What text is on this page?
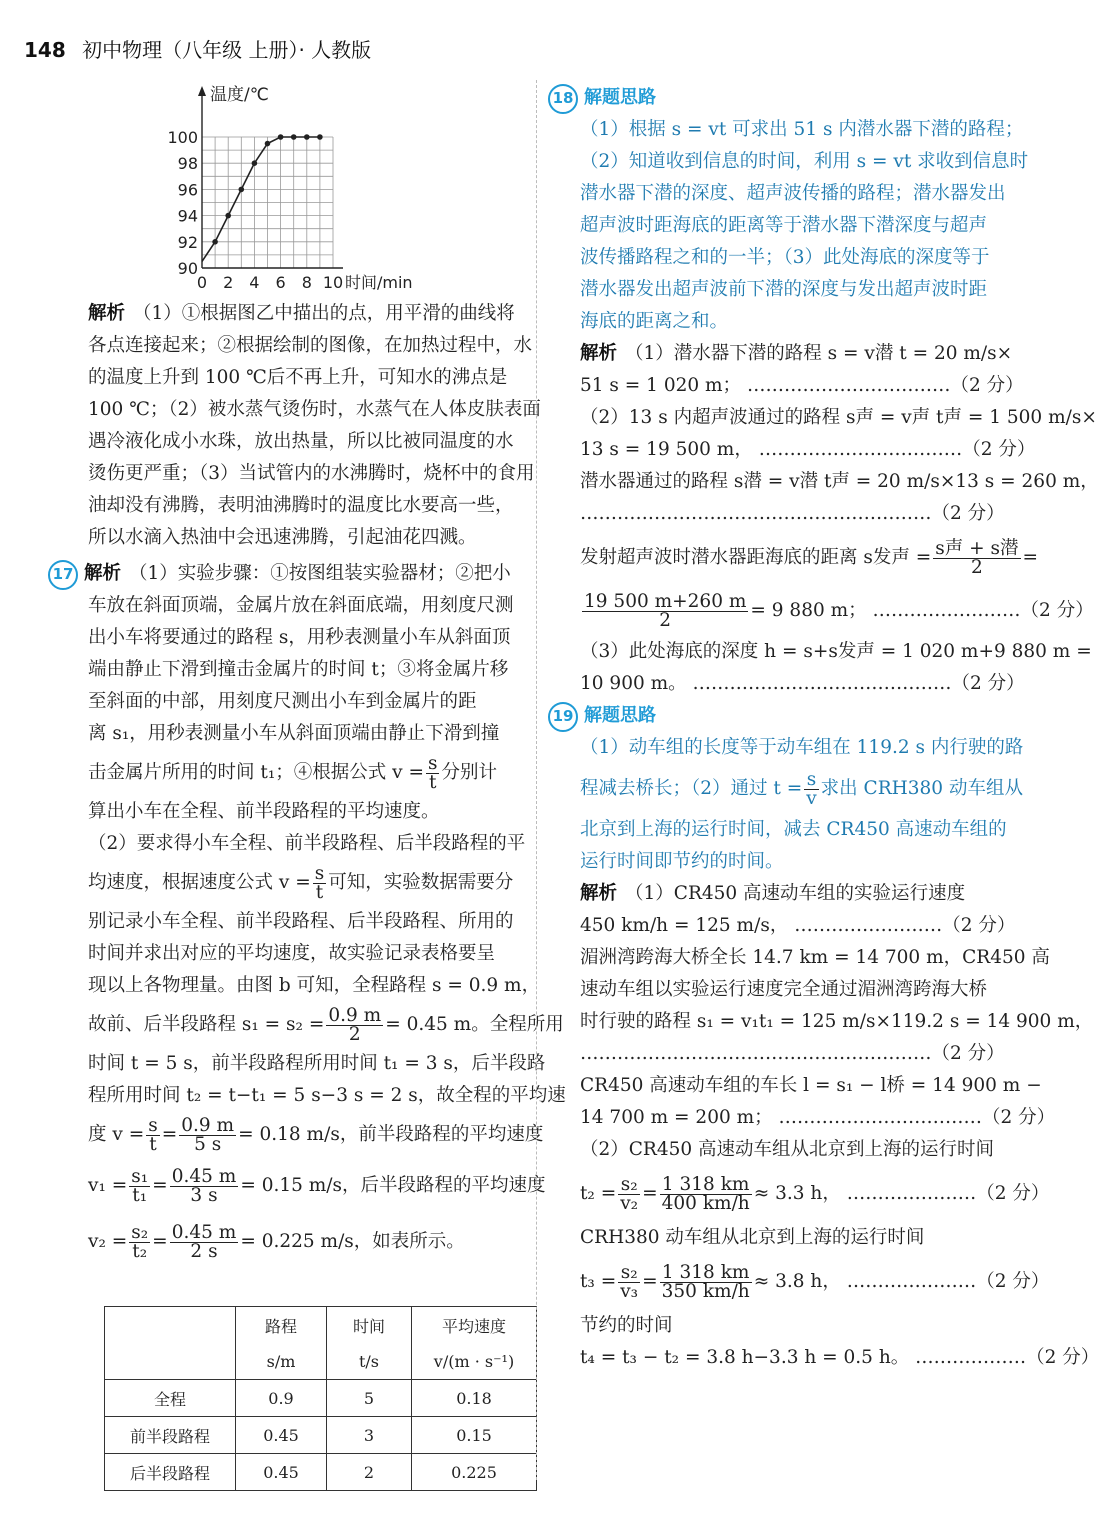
148 初中物理（八年级 上册）· 人教版
温度/℃
90
92
94
96
98
100
0 2 4 6 8 10 时间/min

解析 （1）①根据图乙中描出的点，用平滑的曲线将

各点连接起来；②根据绘制的图像，在加热过程中，水

的温度上升到 100 ℃后不再上升，可知水的沸点是

100 ℃；（2）被水蒸气烫伤时，水蒸气在人体皮肤表面

遇冷液化成小水珠，放出热量，所以比被同温度的水

烫伤更严重；（3）当试管内的水沸腾时，烧杯中的食用

油却没有沸腾，表明油沸腾时的温度比水要高一些，

所以水滴入热油中会迅速沸腾，引起油花四溅。

17 解析 （1）实验步骤：①按图组装实验器材；②把小

车放在斜面顶端，金属片放在斜面底端，用刻度尺测

出小车将要通过的路程 s，用秒表测量小车从斜面顶

端由静止下滑到撞击金属片的时间 t；③将金属片移

至斜面的中部，用刻度尺测出小车到金属片的距

离 s₁，用秒表测量小车从斜面顶端由静止下滑到撞

击金属片所用的时间 t₁；④根据公式 $v = \frac{s}{t}$ 分别计

算出小车在全程、前半段路程的平均速度。

（2）要求得小车全程、前半段路程、后半段路程的平

均速度，根据速度公式 $v = \frac{s}{t}$ 可知，实验数据需要分

别记录小车全程、前半段路程、后半段路程、所用的

时间并求出对应的平均速度，故实验记录表格要呈

现以上各物理量。由图 b 可知，全程路程 s = 0.9 m，

故前、后半段路程 $s_1 = s_2 = \frac{0.9 m}{2} = 0.45$ m。全程所用

时间 t = 5 s，前半段路程所用时间 t₁ = 3 s，后半段路

程所用时间 t₂ = t−t₁ = 5 s−3 s = 2 s，故全程的平均速

度 $v = \frac{s}{t} = \frac{0.9 m}{5 s} = 0.18$ m/s，前半段路程的平均速度

$v_1 = \frac{\text{s₁}}{\text{t₁}} = \frac{0.45 m}{3 s} = 0.15$ m/s，后半段路程的平均速度

$v_2 = \frac{\text{s₂}}{\text{t₂}} = \frac{0.45 m}{2 s} = 0.225$ m/s，如表所示。

	路程	时间	平均速度
	s/m	t/s	v/(m · s⁻¹)
全程	0.9	5	0.18
前半段路程	0.45	3	0.15
后半段路程	0.45	2	0.225
18 解题思路

（1）根据 s = vt 可求出 51 s 内潜水器下潜的路程；

（2）知道收到信息的时间，利用 s = vt 求收到信息时

潜水器下潜的深度、超声波传播的路程；潜水器发出

超声波时距海底的距离等于潜水器下潜深度与超声

波传播路程之和的一半；（3）此处海底的深度等于

潜水器发出超声波前下潜的深度与发出超声波时距

海底的距离之和。

解析 （1）潜水器下潜的路程 s = v潜 t = 20 m/s×

51 s = 1 020 m； ……………………………（2 分）

（2）13 s 内超声波通过的路程 s声 = v声 t声 = 1 500 m/s×

13 s = 19 500 m， ……………………………（2 分）

潜水器通过的路程 s潜 = v潜 t声 = 20 m/s×13 s = 260 m，

…………………………………………………（2 分）

发射超声波时潜水器距海底的距离 s发声 = $\frac{\text{s声 + s潜}}{2}$ =

$\frac{19 500 m+260 m}{2} = 9$ 880 m； ……………………（2 分）

（3）此处海底的深度 h = s+s发声 = 1 020 m+9 880 m =

10 900 m。 ……………………………………（2 分）

19 解题思路

（1）动车组的长度等于动车组在 119.2 s 内行驶的路

程减去桥长；（2）通过 $t = \frac{s}{v}$ 求出 CRH380 动车组从

北京到上海的运行时间，减去 CR450 高速动车组的

运行时间即节约的时间。

解析 （1）CR450 高速动车组的实验运行速度

450 km/h = 125 m/s， ……………………（2 分）

湄洲湾跨海大桥全长 14.7 km = 14 700 m，CR450 高

速动车组以实验运行速度完全通过湄洲湾跨海大桥

时行驶的路程 s₁ = v₁t₁ = 125 m/s×119.2 s = 14 900 m，

…………………………………………………（2 分）

CR450 高速动车组的车长 l = s₁ − l桥 = 14 900 m −

14 700 m = 200 m； ……………………………（2 分）

（2）CR450 高速动车组从北京到上海的运行时间

$t_2 = \frac{\text{s₂}}{\text{v₂}} = \frac{1 318 km}{400 km/h} \approx 3.3$ h， …………………（2 分）

CRH380 动车组从北京到上海的运行时间

$t_3 = \frac{\text{s₂}}{\text{v₃}} = \frac{1 318 km}{350 km/h} \approx 3.8$ h， …………………（2 分）

节约的时间

t₄ = t₃ − t₂ = 3.8 h−3.3 h = 0.5 h。 ………………（2 分）
